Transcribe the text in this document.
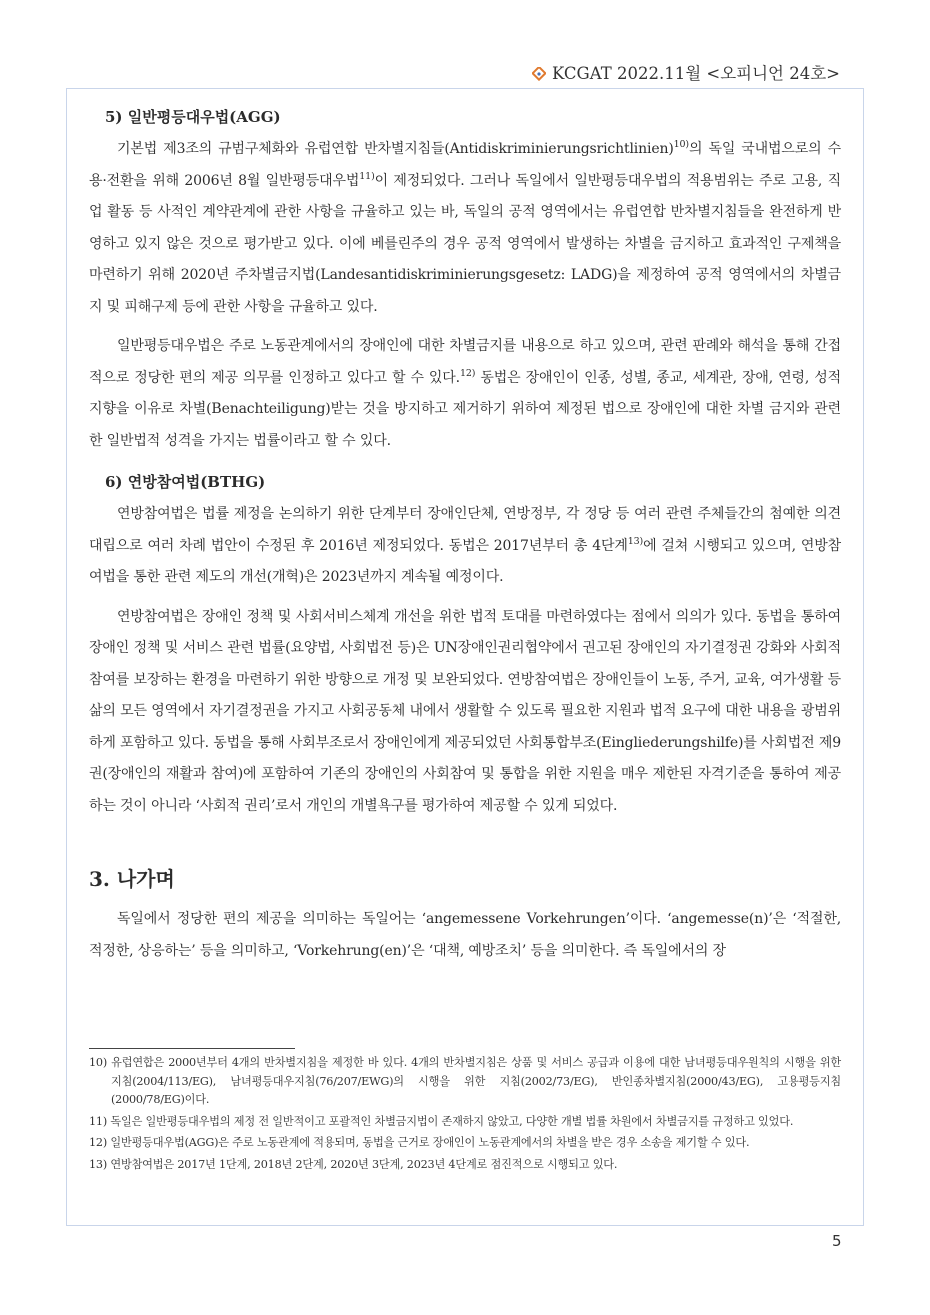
KCGAT 2022.11월 <오피니언 24호>

5) 일반평등대우법(AGG)

기본법 제3조의 규범구체화와 유럽연합 반차별지침들(Antidiskriminierungsrichtlinien)$^{10)}$의 독일 국내법으로의 수용·전환을 위해 2006년 8월 일반평등대우법$^{11)}$이 제정되었다. 그러나 독일에서 일반평등대우법의 적용범위는 주로 고용, 직업 활동 등 사적인 계약관계에 관한 사항을 규율하고 있는 바, 독일의 공적 영역에서는 유럽연합 반차별지침들을 완전하게 반영하고 있지 않은 것으로 평가받고 있다. 이에 베를린주의 경우 공적 영역에서 발생하는 차별을 금지하고 효과적인 구제책을 마련하기 위해 2020년 주차별금지법(Landesantidiskriminierungsgesetz: LADG)을 제정하여 공적 영역에서의 차별금지 및 피해구제 등에 관한 사항을 규율하고 있다.

일반평등대우법은 주로 노동관계에서의 장애인에 대한 차별금지를 내용으로 하고 있으며, 관련 판례와 해석을 통해 간접적으로 정당한 편의 제공 의무를 인정하고 있다고 할 수 있다.$^{12)}$ 동법은 장애인이 인종, 성별, 종교, 세계관, 장애, 연령, 성적 지향을 이유로 차별(Benachteiligung)받는 것을 방지하고 제거하기 위하여 제정된 법으로 장애인에 대한 차별 금지와 관련한 일반법적 성격을 가지는 법률이라고 할 수 있다.

6) 연방참여법(BTHG)

연방참여법은 법률 제정을 논의하기 위한 단계부터 장애인단체, 연방정부, 각 정당 등 여러 관련 주체들간의 첨예한 의견대립으로 여러 차례 법안이 수정된 후 2016년 제정되었다. 동법은 2017년부터 총 4단계$^{13)}$에 걸쳐 시행되고 있으며, 연방참여법을 통한 관련 제도의 개선(개혁)은 2023년까지 계속될 예정이다.

연방참여법은 장애인 정책 및 사회서비스체계 개선을 위한 법적 토대를 마련하였다는 점에서 의의가 있다. 동법을 통하여 장애인 정책 및 서비스 관련 법률(요양법, 사회법전 등)은 UN장애인권리협약에서 권고된 장애인의 자기결정권 강화와 사회적 참여를 보장하는 환경을 마련하기 위한 방향으로 개정 및 보완되었다. 연방참여법은 장애인들이 노동, 주거, 교육, 여가생활 등 삶의 모든 영역에서 자기결정권을 가지고 사회공동체 내에서 생활할 수 있도록 필요한 지원과 법적 요구에 대한 내용을 광범위하게 포함하고 있다. 동법을 통해 사회부조로서 장애인에게 제공되었던 사회통합부조(Eingliederungshilfe)를 사회법전 제9권(장애인의 재활과 참여)에 포함하여 기존의 장애인의 사회참여 및 통합을 위한 지원을 매우 제한된 자격기준을 통하여 제공하는 것이 아니라 ‘사회적 권리’로서 개인의 개별욕구를 평가하여 제공할 수 있게 되었다.

3. 나가며

독일에서 정당한 편의 제공을 의미하는 독일어는 ‘angemessene Vorkehrungen’이다. ‘angemesse(n)’은 ‘적절한, 적정한, 상응하는’ 등을 의미하고, ‘Vorkehrung(en)’은 ‘대책, 예방조치’ 등을 의미한다. 즉 독일에서의 장

10) 유럽연합은 2000년부터 4개의 반차별지침을 제정한 바 있다. 4개의 반차별지침은 상품 및 서비스 공급과 이용에 대한 남녀평등대우원칙의 시행을 위한 지침(2004/113/EG), 남녀평등대우지침(76/207/EWG)의 시행을 위한 지침(2002/73/EG), 반인종차별지침(2000/43/EG), 고용평등지침(2000/78/EG)이다.

11) 독일은 일반평등대우법의 제정 전 일반적이고 포괄적인 차별금지법이 존재하지 않았고, 다양한 개별 법률 차원에서 차별금지를 규정하고 있었다.

12) 일반평등대우법(AGG)은 주로 노동관계에 적용되며, 동법을 근거로 장애인이 노동관계에서의 차별을 받은 경우 소송을 제기할 수 있다.

13) 연방참여법은 2017년 1단계, 2018년 2단계, 2020년 3단계, 2023년 4단계로 점진적으로 시행되고 있다.

5
